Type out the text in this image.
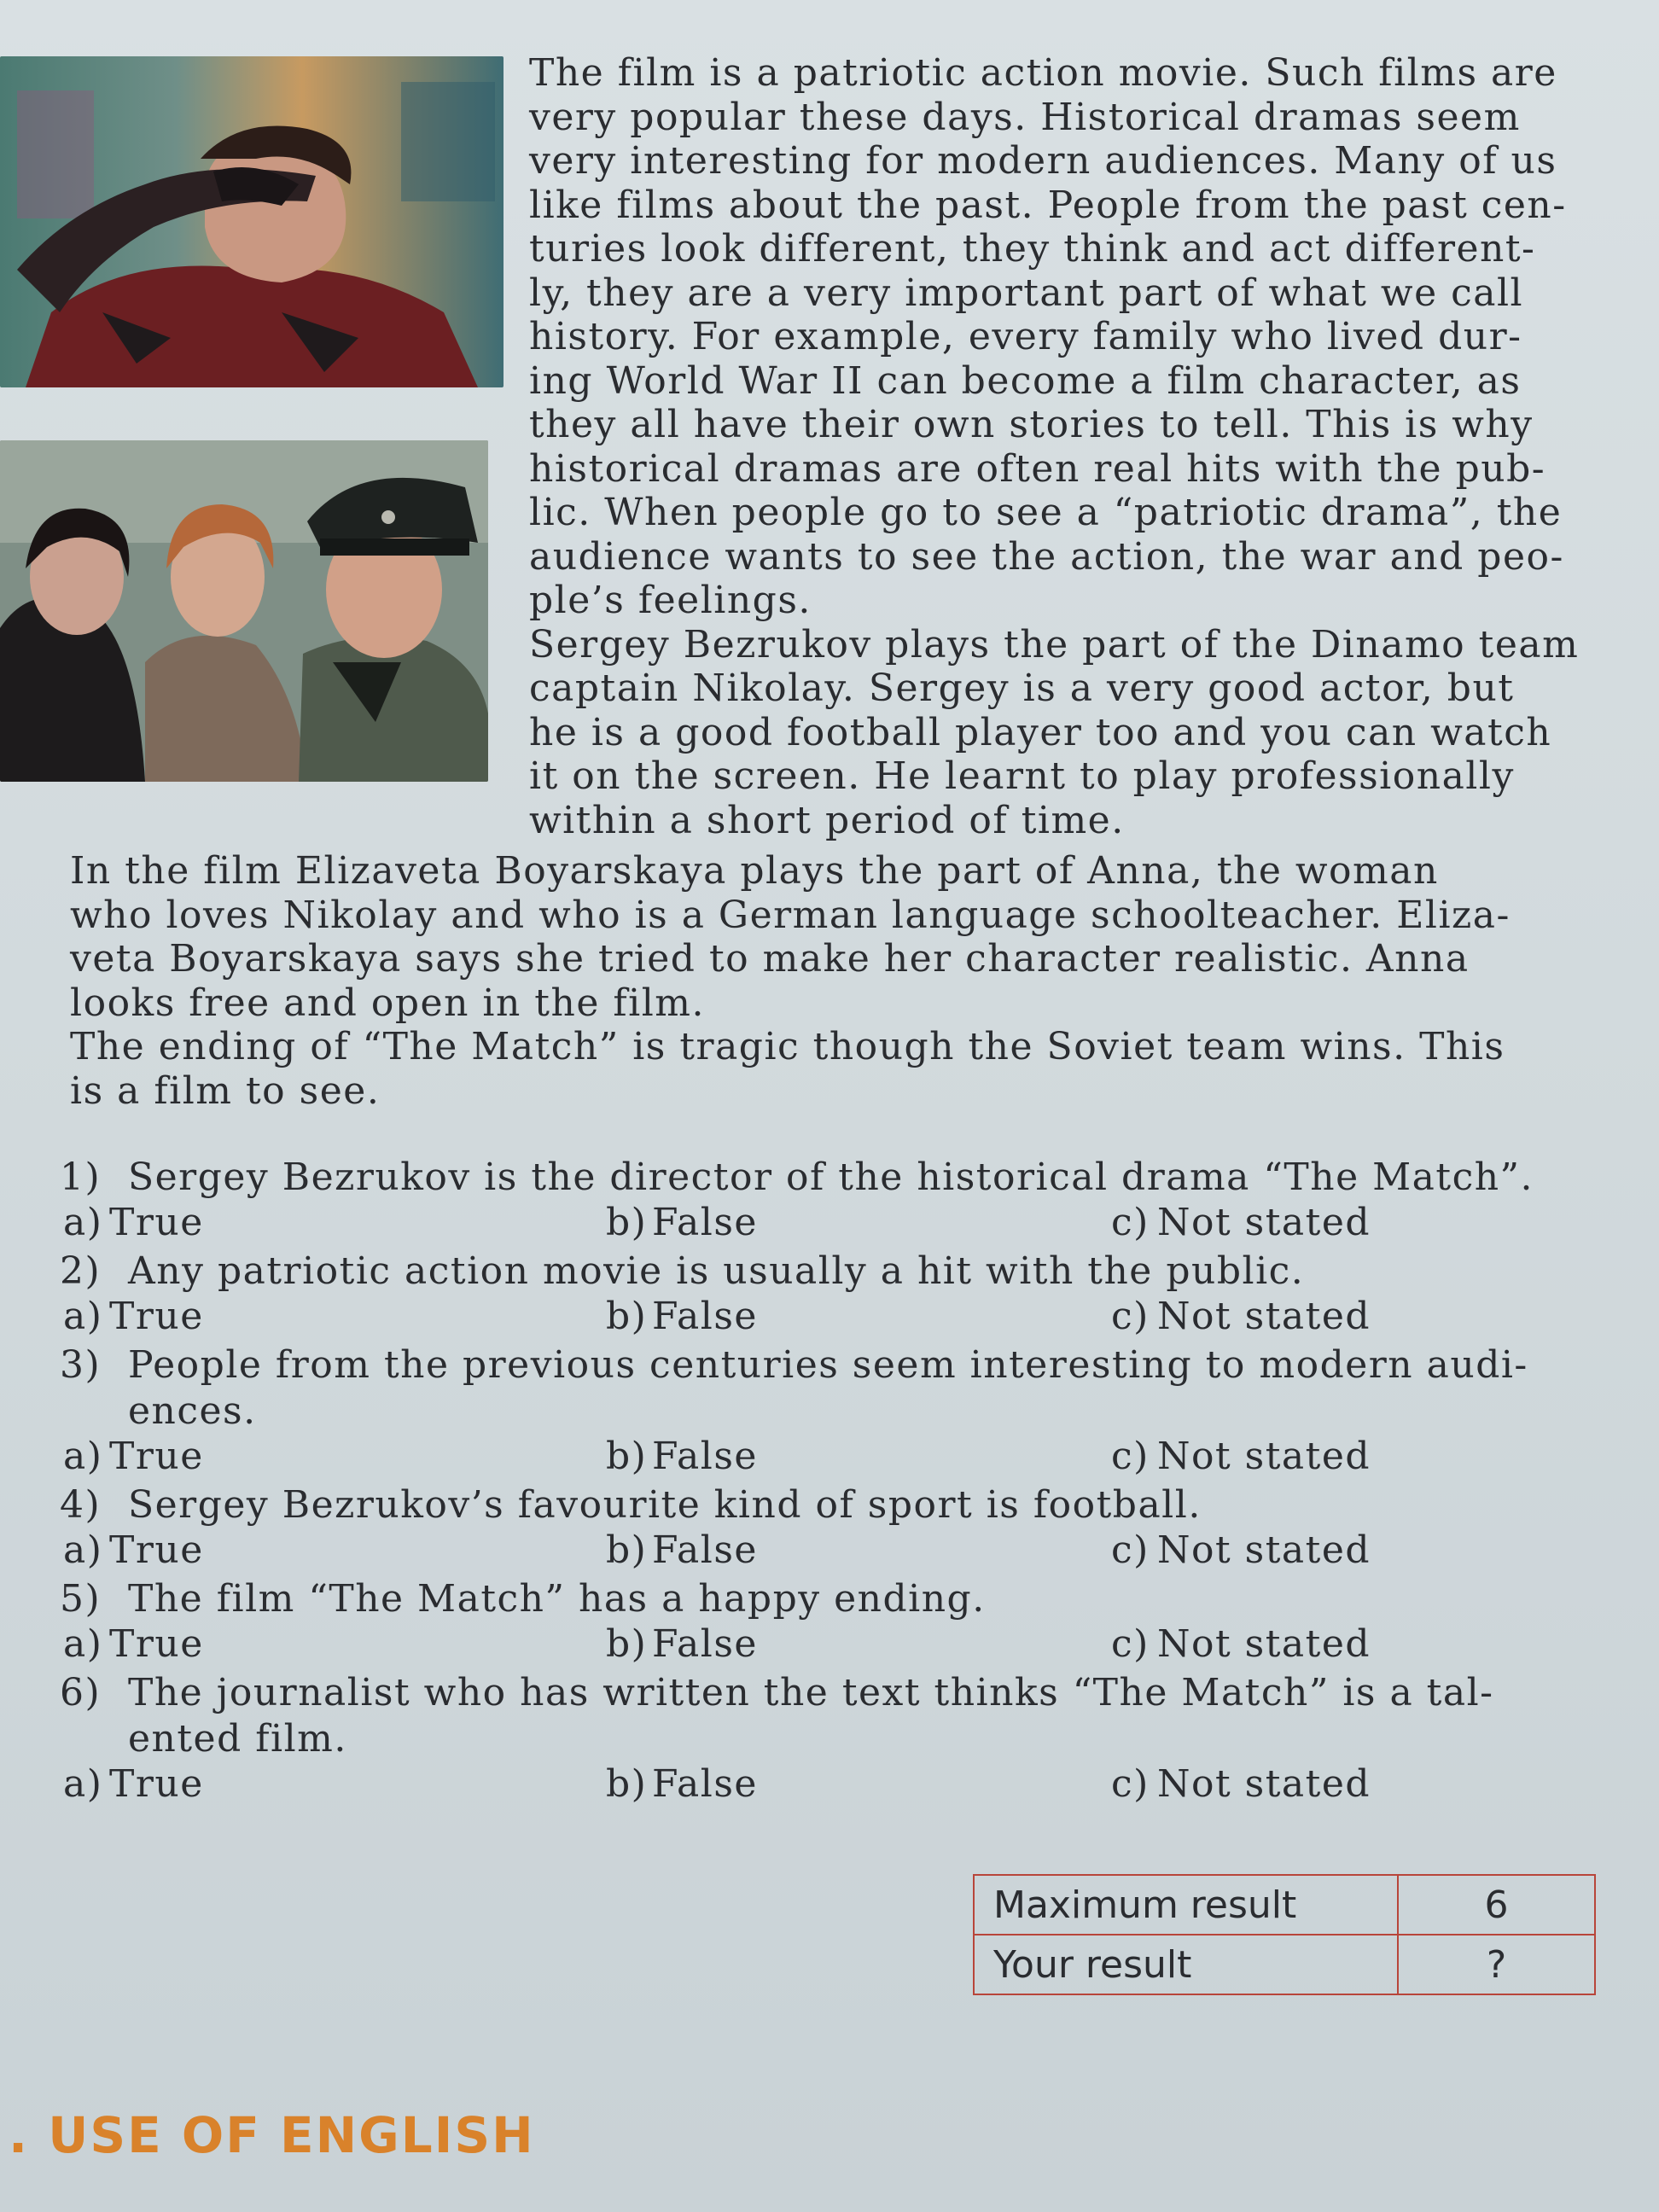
The film is a patriotic action movie. Such films are

very popular these days. Historical dramas seem

very interesting for modern audiences. Many of us

like films about the past. People from the past cen-

turies look different, they think and act different-

ly, they are a very important part of what we call

history. For example, every family who lived dur-

ing World War II can become a film character, as

they all have their own stories to tell. This is why

historical dramas are often real hits with the pub-

lic. When people go to see a “patriotic drama”, the

audience wants to see the action, the war and peo-

ple’s feelings.

Sergey Bezrukov plays the part of the Dinamo team

captain Nikolay. Sergey is a very good actor, but

he is a good football player too and you can watch

it on the screen. He learnt to play professionally

within a short period of time.

In the film Elizaveta Boyarskaya plays the part of Anna, the woman

who loves Nikolay and who is a German language schoolteacher. Eliza-

veta Boyarskaya says she tried to make her character realistic. Anna

looks free and open in the film.

The ending of “The Match” is tragic though the Soviet team wins. This

is a film to see.

1) Sergey Bezrukov is the director of the historical drama “The Match”.
a) True	b) False	c) Not stated
2) Any patriotic action movie is usually a hit with the public.
a) True	b) False	c) Not stated
3) People from the previous centuries seem interesting to modern audi-
ences.
a) True	b) False	c) Not stated
4) Sergey Bezrukov’s favourite kind of sport is football.
a) True	b) False	c) Not stated
5) The film “The Match” has a happy ending.
a) True	b) False	c) Not stated
6) The journalist who has written the text thinks “The Match” is a tal-
ented film.
a) True	b) False	c) Not stated
Maximum result	6
Your result	?
. USE OF ENGLISH
